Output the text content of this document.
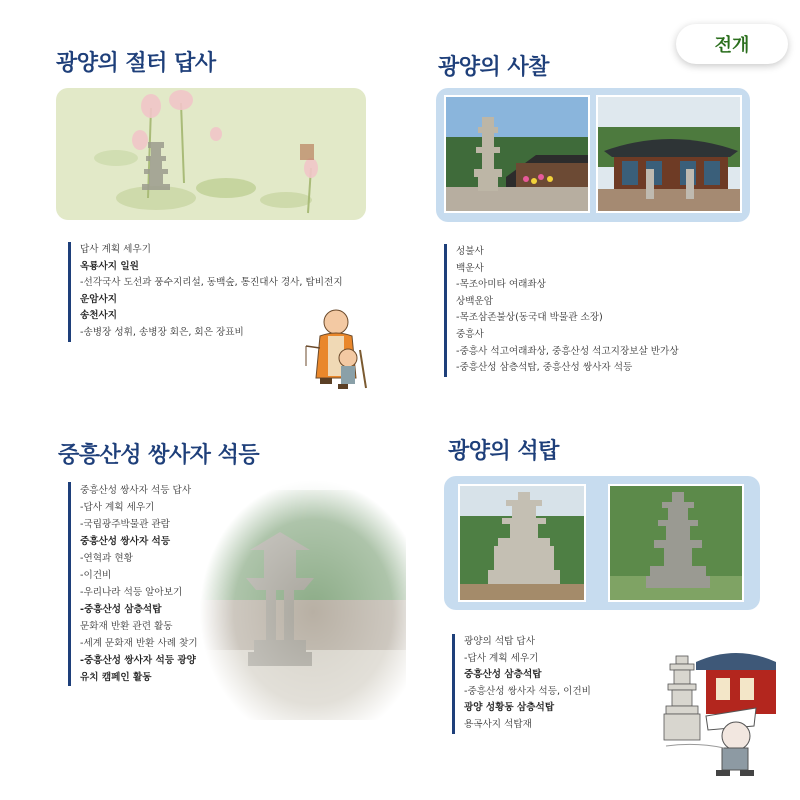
전개
광양의 절터 답사
답사 계획 세우기
옥룡사지 일원
-선각국사 도선과 풍수지리설, 동백숲, 통진대사 경사, 탑비전지
운암사지
송천사지
-송병장 성휘, 송병장 회은, 회은 장표비
광양의 사찰
성불사
백운사
-목조아미타 여래좌상
상백운암
-목조삼존불상(동국대 박물관 소장)
중흥사
-중흥사 석고여래좌상, 중흥산성 석고지장보살 반가상
-중흥산성 삼층석탑, 중흥산성 쌍사자 석등
중흥산성 쌍사자 석등
중흥산성 쌍사자 석등 답사
-답사 계획 세우기
-국립광주박물관 관람
중흥산성 쌍사자 석등
-연혁과 현황
-이건비
-우리나라 석등 알아보기
-중흥산성 삼층석탑
문화재 반환 관련 활동
-세계 문화재 반환 사례 찾기
-중흥산성 쌍사자 석등 광양
유치 캠페인 활동
광양의 석탑
광양의 석탑 답사
-답사 계획 세우기
중흥산성 삼층석탑
-중흥산성 쌍사자 석등, 이건비
광양 성황동 삼층석탑
용곡사지 석탑재
